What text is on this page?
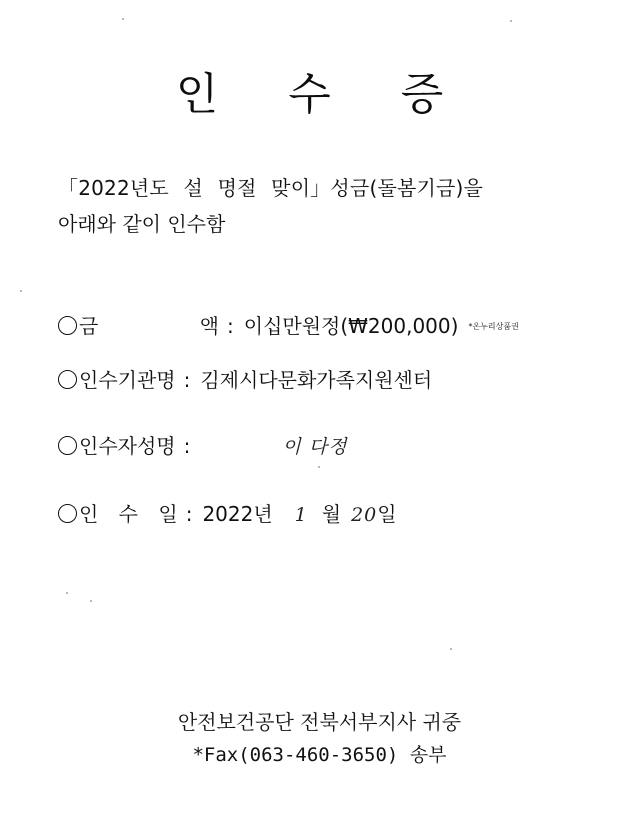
인 수 증
「2022년도 설 명절 맞이」성금(돌봄기금)을
아래와 같이 인수함
금	액 : 이십만원정(₩200,000) *온누리상품권
인수기관명 : 김제시다문화가족지원센터
인수자성명 :	이 다정
인 수 일 : 2022년 1 월 20 일
안전보건공단 전북서부지사 귀중
*Fax(063-460-3650) 송부
